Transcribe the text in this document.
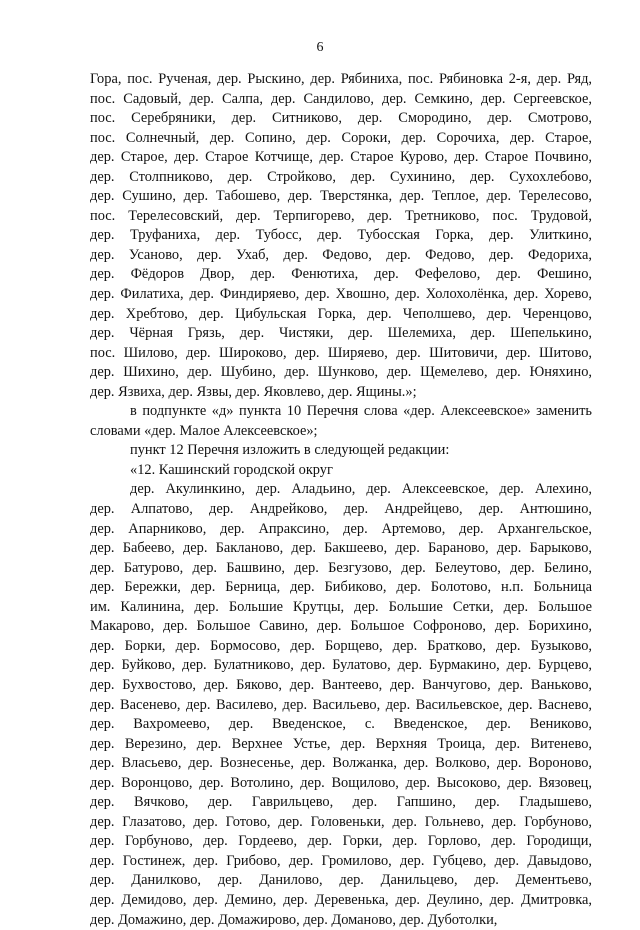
6

Гора, пос. Рученая, дер. Рыскино, дер. Рябиниха, пос. Рябиновка 2-я, дер. Ряд,
пос. Садовый, дер. Салпа, дер. Сандилово, дер. Семкино, дер. Сергеевское,
пос. Серебряники, дер. Ситниково, дер. Смородино, дер. Смотрово,
пос. Солнечный, дер. Сопино, дер. Сороки, дер. Сорочиха, дер. Старое,
дер. Старое, дер. Старое Котчище, дер. Старое Курово, дер. Старое Почвино,
дер. Столпниково, дер. Стройково, дер. Сухинино, дер. Сухохлебово,
дер. Сушино, дер. Табошево, дер. Тверстянка, дер. Теплое, дер. Терелесово,
пос. Терелесовский, дер. Терпигорево, дер. Третниково, пос. Трудовой,
дер. Труфаниха, дер. Тубосс, дер. Тубосская Горка, дер. Улиткино,
дер. Усаново, дер. Ухаб, дер. Федово, дер. Федово, дер. Федориха,
дер. Фёдоров Двор, дер. Фенютиха, дер. Фефелово, дер. Фешино,
дер. Филатиха, дер. Финдиряево, дер. Хвошно, дер. Холохолёнка, дер. Хорево,
дер. Хребтово, дер. Цибульская Горка, дер. Чеполшево, дер. Черенцово,
дер. Чёрная Грязь, дер. Чистяки, дер. Шелемиха, дер. Шепелькино,
пос. Шилово, дер. Широково, дер. Ширяево, дер. Шитовичи, дер. Шитово,
дер. Шихино, дер. Шубино, дер. Шунково, дер. Щемелево, дер. Юняхино,
дер. Язвиха, дер. Язвы, дер. Яковлево, дер. Ящины.»;

в подпункте «д» пункта 10 Перечня слова «дер. Алексеевское» заменить
словами «дер. Малое Алексеевское»;

пункт 12 Перечня изложить в следующей редакции:

«12. Кашинский городской округ

дер. Акулинкино, дер. Аладьино, дер. Алексеевское, дер. Алехино,
дер. Алпатово, дер. Андрейково, дер. Андрейцево, дер. Антюшино,
дер. Апарниково, дер. Апраксино, дер. Артемово, дер. Архангельское,
дер. Бабеево, дер. Бакланово, дер. Бакшеево, дер. Бараново, дер. Барыково,
дер. Батурово, дер. Башвино, дер. Безгузово, дер. Белеутово, дер. Белино,
дер. Бережки, дер. Берница, дер. Бибиково, дер. Болотово, н.п. Больница
им. Калинина, дер. Большие Крутцы, дер. Большие Сетки, дер. Большое
Макарово, дер. Большое Савино, дер. Большое Софроново, дер. Борихино,
дер. Борки, дер. Бормосово, дер. Борщево, дер. Братково, дер. Бузыково,
дер. Буйково, дер. Булатниково, дер. Булатово, дер. Бурмакино, дер. Бурцево,
дер. Бухвостово, дер. Бяково, дер. Вантеево, дер. Ванчугово, дер. Ваньково,
дер. Васенево, дер. Василево, дер. Васильево, дер. Васильевское, дер. Васнево,
дер. Вахромеево, дер. Введенское, с. Введенское, дер. Вениково,
дер. Верезино, дер. Верхнее Устье, дер. Верхняя Троица, дер. Витенево,
дер. Власьево, дер. Вознесенье, дер. Волжанка, дер. Волково, дер. Вороново,
дер. Воронцово, дер. Вотолино, дер. Вощилово, дер. Высоково, дер. Вязовец,
дер. Вячково, дер. Гаврильцево, дер. Гапшино, дер. Гладышево,
дер. Глазатово, дер. Готово, дер. Головеньки, дер. Гольнево, дер. Горбуново,
дер. Горбуново, дер. Гордеево, дер. Горки, дер. Горлово, дер. Городищи,
дер. Гостинеж, дер. Грибово, дер. Громилово, дер. Губцево, дер. Давыдово,
дер. Данилково, дер. Данилово, дер. Данильцево, дер. Дементьево,
дер. Демидово, дер. Демино, дер. Деревенька, дер. Деулино, дер. Дмитровка,
дер. Домажино, дер. Домажирово, дер. Доманово, дер. Дуботолки,
